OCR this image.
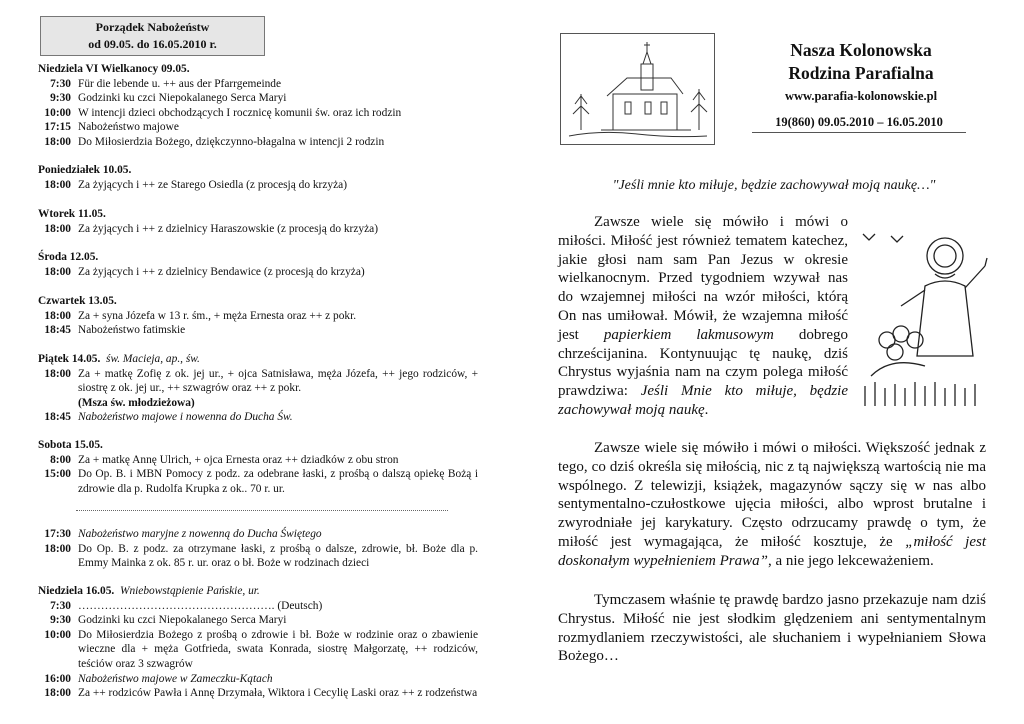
Porządek Nabożeństw
od 09.05. do 16.05.2010 r.
Niedziela VI Wielkanocy 09.05.
7:30 Für die lebende u. ++ aus der Pfarrgemeinde
9:30 Godzinki ku czci Niepokalanego Serca Maryi
10:00 W intencji dzieci obchodzących I rocznicę komunii św. oraz ich rodzin
17:15 Nabożeństwo majowe
18:00 Do Miłosierdzia Bożego, dziękczynno-błagalna w intencji 2 rodzin
Poniedziałek 10.05.
18:00 Za żyjących i ++ ze Starego Osiedla (z procesją do krzyża)
Wtorek 11.05.
18:00 Za żyjących i ++ z dzielnicy Haraszowskie (z procesją do krzyża)
Środa 12.05.
18:00 Za żyjących i ++ z dzielnicy Bendawice (z procesją do krzyża)
Czwartek 13.05.
18:00 Za + syna Józefa w 13 r. śm., + męża Ernesta oraz ++ z pokr.
18:45 Nabożeństwo fatimskie
Piątek 14.05. św. Macieja, ap., św.
18:00 Za + matkę Zofię z ok. jej ur., + ojca Satnisława, męża Józefa, ++ jego rodziców, + siostrę z ok. jej ur., ++ szwagrów oraz ++ z pokr.
(Msza św. młodzieżowa)
18:45 Nabożeństwo majowe i nowenna do Ducha Św.
Sobota 15.05.
8:00 Za + matkę Annę Ulrich, + ojca Ernesta oraz ++ dziadków z obu stron
15:00 Do Op. B. i MBN Pomocy z podz. za odebrane łaski, z prośbą o dalszą opiekę Bożą i zdrowie dla p. Rudolfa Krupka z ok.. 70 r. ur.
17:30 Nabożeństwo maryjne z nowenną do Ducha Świętego
18:00 Do Op. B. z podz. za otrzymane łaski, z prośbą o dalsze, zdrowie, bł. Boże dla p. Emmy Mainka z ok. 85 r. ur. oraz o bł. Boże w rodzinach dzieci
Niedziela 16.05. Wniebowstąpienie Pańskie, ur.
7:30 ……………………………………………. (Deutsch)
9:30 Godzinki ku czci Niepokalanego Serca Maryi
10:00 Do Miłosierdzia Bożego z prośbą o zdrowie i bł. Boże w rodzinie oraz o zbawienie wieczne dla + męża Gotfrieda, swata Konrada, siostrę Małgorzatę, ++ rodziców, teściów oraz 3 szwagrów
16:00 Nabożeństwo majowe w Zameczku-Kątach
18:00 Za ++ rodziców Pawła i Annę Drzymała, Wiktora i Cecylię Laski oraz ++ z rodzeństwa
Nasza Kolonowska
Rodzina Parafialna
www.parafia-kolonowskie.pl
19(860) 09.05.2010 – 16.05.2010
"Jeśli mnie kto miłuje, będzie zachowywał moją naukę…"
Zawsze wiele się mówiło i mówi o miłości. Miłość jest również tematem katechez, jakie głosi nam sam Pan Jezus w okresie wielkanocnym. Przed tygodniem wzywał nas do wzajemnej miłości na wzór miłości, którą On nas umiłował. Mówił, że wzajemna miłość jest papierkiem lakmusowym dobrego chrześcijanina. Kontynuując tę naukę, dziś Chrystus wyjaśnia nam na czym polega miłość prawdziwa: Jeśli Mnie kto miłuje, będzie zachowywał moją naukę.
Zawsze wiele się mówiło i mówi o miłości. Większość jednak z tego, co dziś określa się miłością, nic z tą największą wartością nie ma wspólnego. Z telewizji, książek, magazynów sączy się w nas albo sentymentalno-czułostkowe ujęcia miłości, albo wprost brutalne i zwyrodniałe jej karykatury. Często odrzucamy prawdę o tym, że miłość jest wymagająca, że miłość kosztuje, że „miłość jest doskonałym wypełnieniem Prawa”, a nie jego lekceważeniem.
Tymczasem właśnie tę prawdę bardzo jasno przekazuje nam dziś Chrystus. Miłość nie jest słodkim ględzeniem ani sentymentalnym rozmydlaniem rzeczywistości, ale słuchaniem i wypełnianiem Słowa Bożego…
